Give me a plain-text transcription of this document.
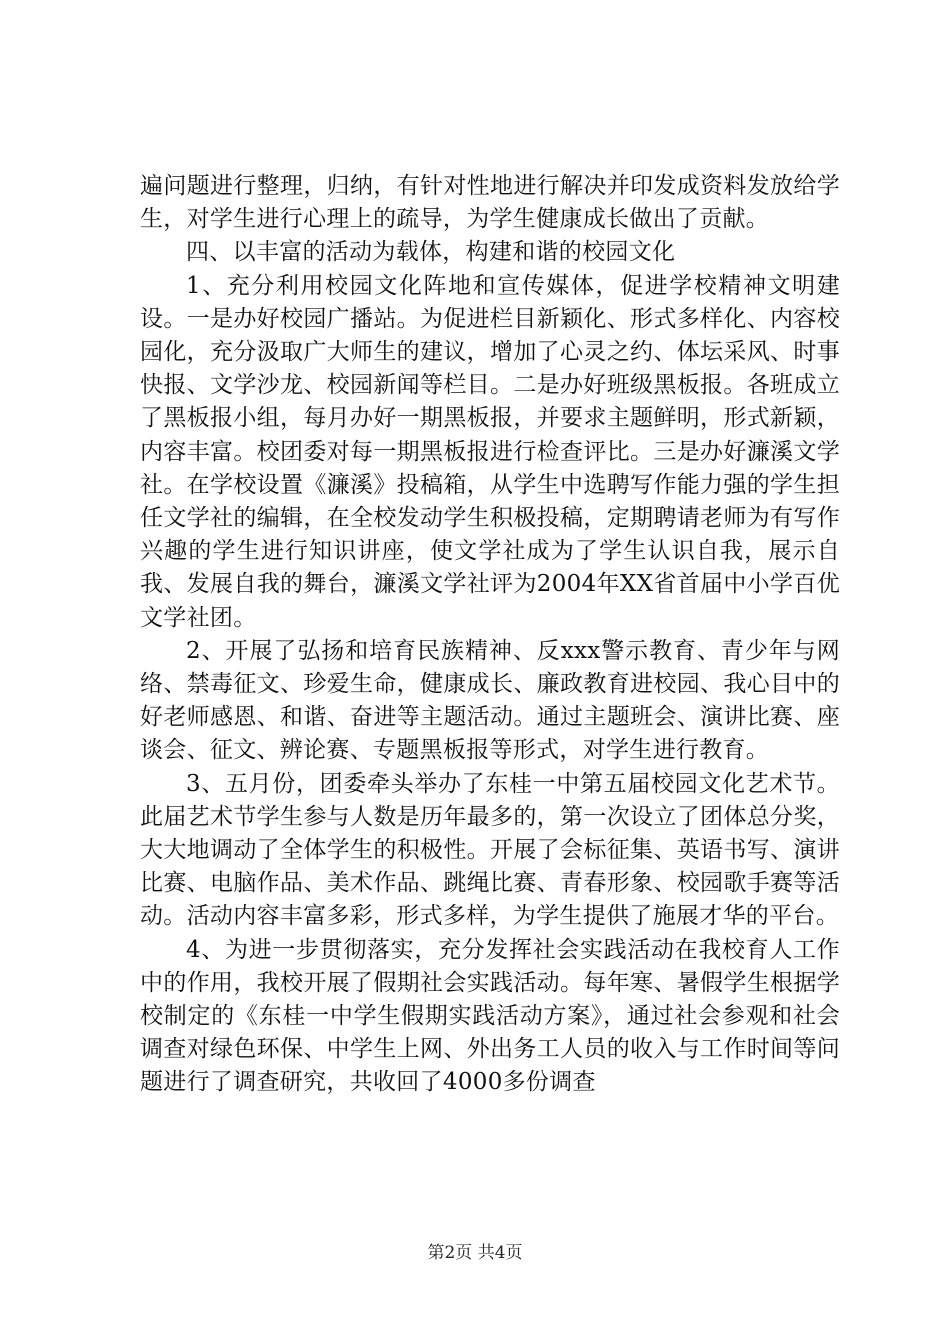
遍问题进行整理，归纳，有针对性地进行解决并印发成资料发放给学生，对学生进行心理上的疏导，为学生健康成长做出了贡献。

四、以丰富的活动为载体，构建和谐的校园文化

1、充分利用校园文化阵地和宣传媒体，促进学校精神文明建设。一是办好校园广播站。为促进栏目新颖化、形式多样化、内容校园化，充分汲取广大师生的建议，增加了心灵之约、体坛采风、时事快报、文学沙龙、校园新闻等栏目。二是办好班级黑板报。各班成立了黑板报小组，每月办好一期黑板报，并要求主题鲜明，形式新颖，内容丰富。校团委对每一期黑板报进行检查评比。三是办好濂溪文学社。在学校设置《濂溪》投稿箱，从学生中选聘写作能力强的学生担任文学社的编辑，在全校发动学生积极投稿，定期聘请老师为有写作兴趣的学生进行知识讲座，使文学社成为了学生认识自我，展示自我、发展自我的舞台，濂溪文学社评为2004年XX省首届中小学百优文学社团。

2、开展了弘扬和培育民族精神、反xxx警示教育、青少年与网络、禁毒征文、珍爱生命，健康成长、廉政教育进校园、我心目中的好老师感恩、和谐、奋进等主题活动。通过主题班会、演讲比赛、座谈会、征文、辨论赛、专题黑板报等形式，对学生进行教育。

3、五月份，团委牵头举办了东桂一中第五届校园文化艺术节。此届艺术节学生参与人数是历年最多的，第一次设立了团体总分奖，大大地调动了全体学生的积极性。开展了会标征集、英语书写、演讲比赛、电脑作品、美术作品、跳绳比赛、青春形象、校园歌手赛等活动。活动内容丰富多彩，形式多样，为学生提供了施展才华的平台。

4、为进一步贯彻落实，充分发挥社会实践活动在我校育人工作中的作用，我校开展了假期社会实践活动。每年寒、暑假学生根据学校制定的《东桂一中学生假期实践活动方案》，通过社会参观和社会调查对绿色环保、中学生上网、外出务工人员的收入与工作时间等问题进行了调查研究，共收回了4000多份调查

第2页 共4页
